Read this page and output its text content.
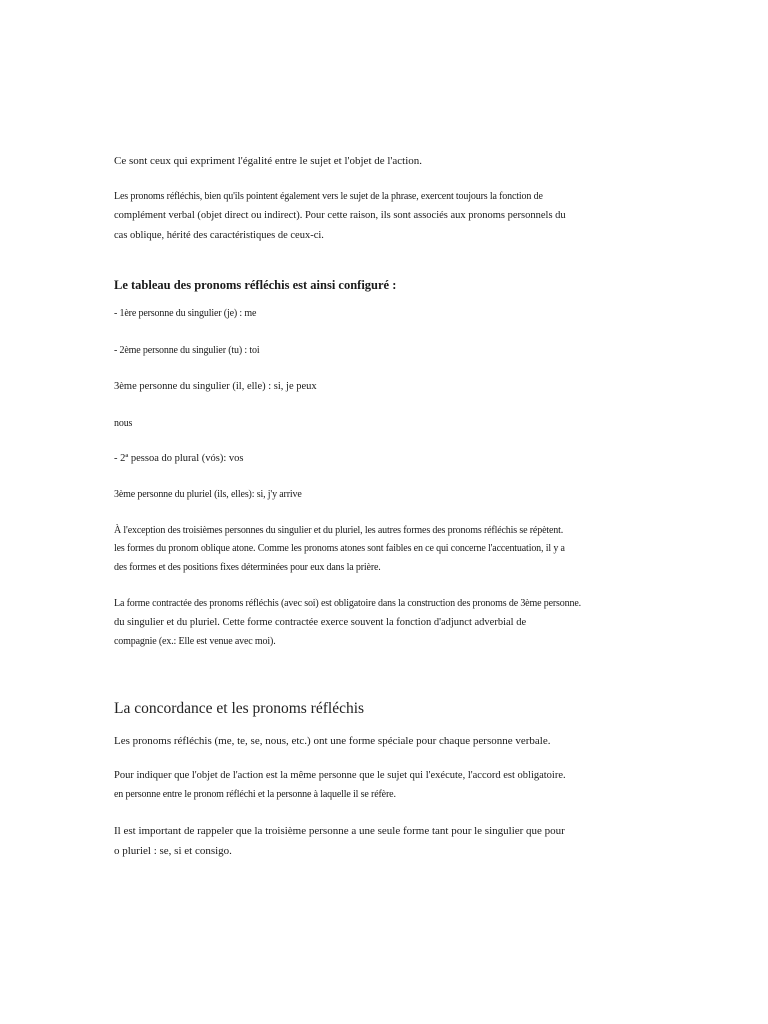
Ce sont ceux qui expriment l'égalité entre le sujet et l'objet de l'action.

Les pronoms réfléchis, bien qu'ils pointent également vers le sujet de la phrase, exercent toujours la fonction de

complément verbal (objet direct ou indirect). Pour cette raison, ils sont associés aux pronoms personnels du

cas oblique, hérité des caractéristiques de ceux-ci.

Le tableau des pronoms réfléchis est ainsi configuré :

- 1ère personne du singulier (je) : me

- 2ème personne du singulier (tu) : toi

3ème personne du singulier (il, elle) : si, je peux

nous

- 2ª pessoa do plural (vós): vos

3ème personne du pluriel (ils, elles): si, j'y arrive

À l'exception des troisièmes personnes du singulier et du pluriel, les autres formes des pronoms réfléchis se répètent.

les formes du pronom oblique atone. Comme les pronoms atones sont faibles en ce qui concerne l'accentuation, il y a

des formes et des positions fixes déterminées pour eux dans la prière.

La forme contractée des pronoms réfléchis (avec soi) est obligatoire dans la construction des pronoms de 3ème personne.

du singulier et du pluriel. Cette forme contractée exerce souvent la fonction d'adjunct adverbial de

compagnie (ex.: Elle est venue avec moi).

La concordance et les pronoms réfléchis

Les pronoms réfléchis (me, te, se, nous, etc.) ont une forme spéciale pour chaque personne verbale.

Pour indiquer que l'objet de l'action est la même personne que le sujet qui l'exécute, l'accord est obligatoire.

en personne entre le pronom réfléchi et la personne à laquelle il se réfère.

Il est important de rappeler que la troisième personne a une seule forme tant pour le singulier que pour

o pluriel : se, si et consigo.
